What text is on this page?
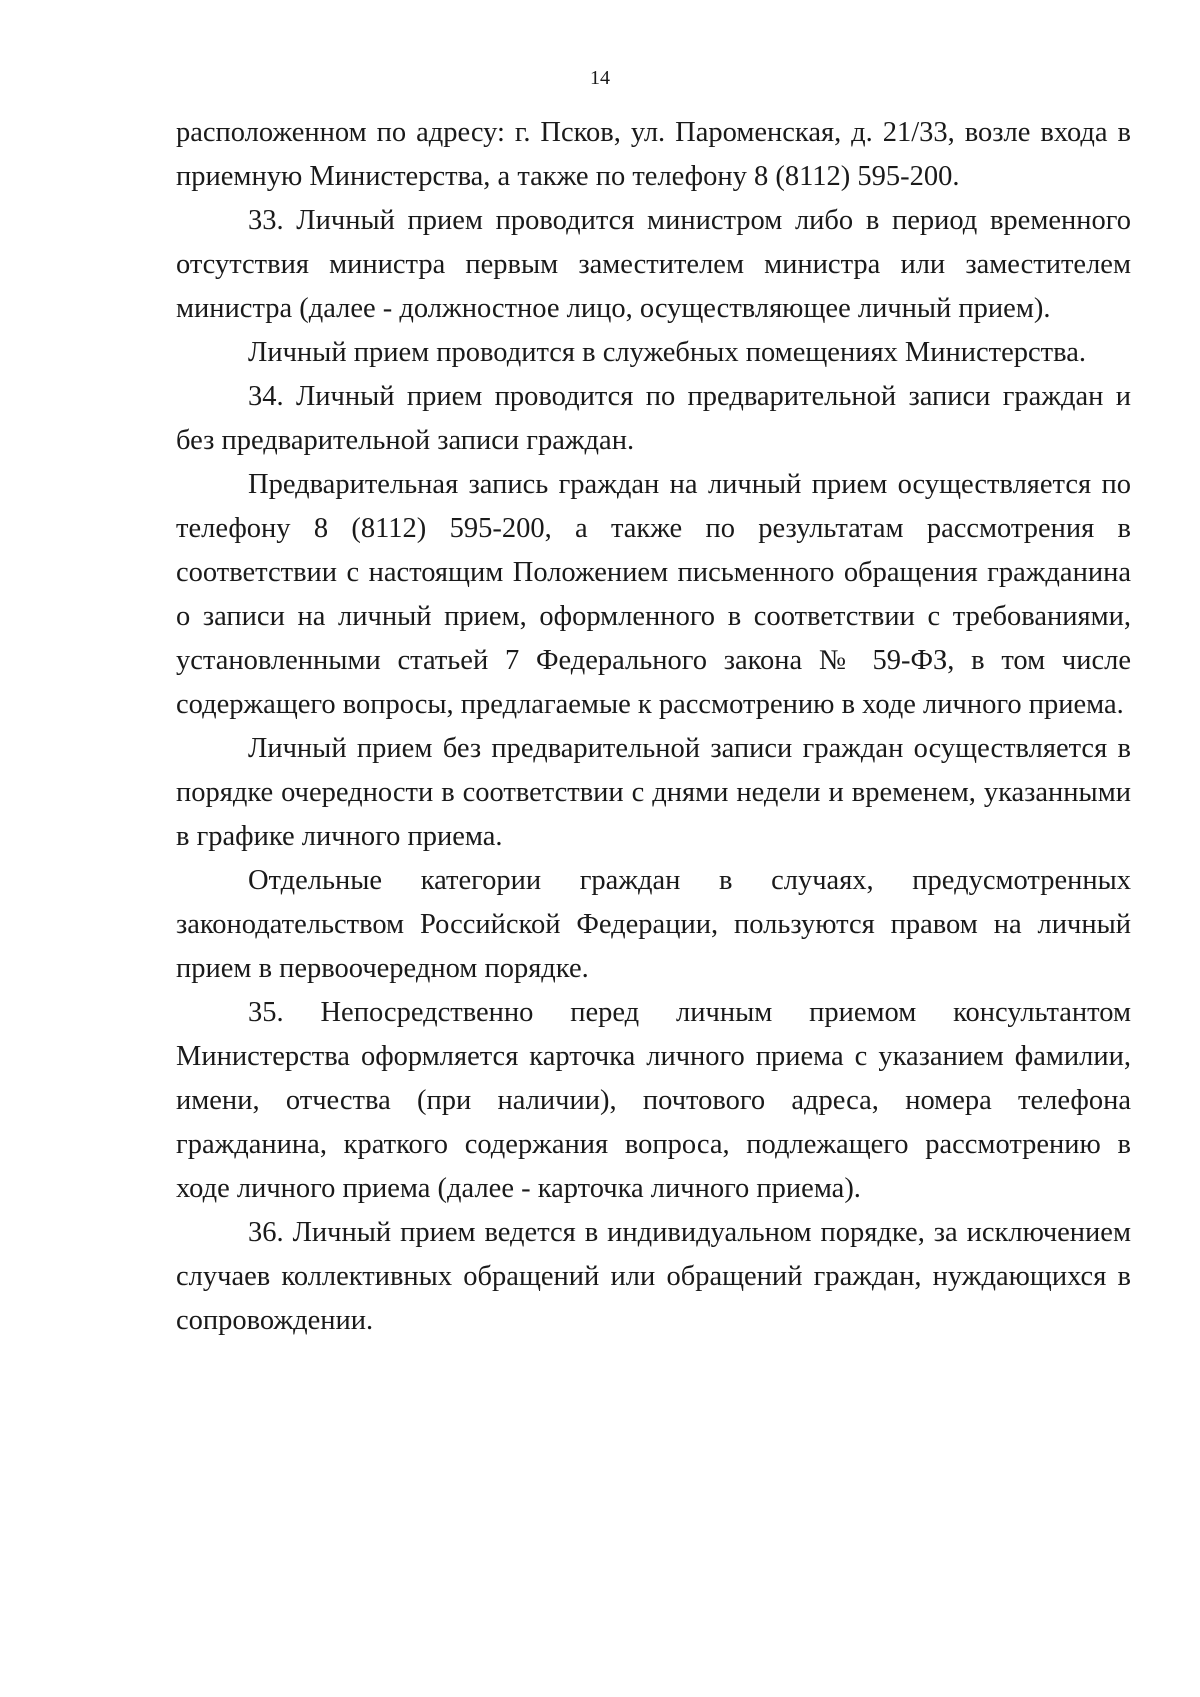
14

расположенном по адресу: г. Псков, ул. Пароменская, д. 21/33, возле входа в приемную Министерства, а также по телефону 8 (8112) 595-200.

33. Личный прием проводится министром либо в период временного отсутствия министра первым заместителем министра или заместителем министра (далее - должностное лицо, осуществляющее личный прием).

Личный прием проводится в служебных помещениях Министерства.

34. Личный прием проводится по предварительной записи граждан и без предварительной записи граждан.

Предварительная запись граждан на личный прием осуществляется по телефону 8 (8112) 595-200, а также по результатам рассмотрения в соответствии с настоящим Положением письменного обращения гражданина о записи на личный прием, оформленного в соответствии с требованиями, установленными статьей 7 Федерального закона № 59-ФЗ, в том числе содержащего вопросы, предлагаемые к рассмотрению в ходе личного приема.

Личный прием без предварительной записи граждан осуществляется в порядке очередности в соответствии с днями недели и временем, указанными в графике личного приема.

Отдельные категории граждан в случаях, предусмотренных законодательством Российской Федерации, пользуются правом на личный прием в первоочередном порядке.

35. Непосредственно перед личным приемом консультантом Министерства оформляется карточка личного приема с указанием фамилии, имени, отчества (при наличии), почтового адреса, номера телефона гражданина, краткого содержания вопроса, подлежащего рассмотрению в ходе личного приема (далее - карточка личного приема).

36. Личный прием ведется в индивидуальном порядке, за исключением случаев коллективных обращений или обращений граждан, нуждающихся в сопровождении.
